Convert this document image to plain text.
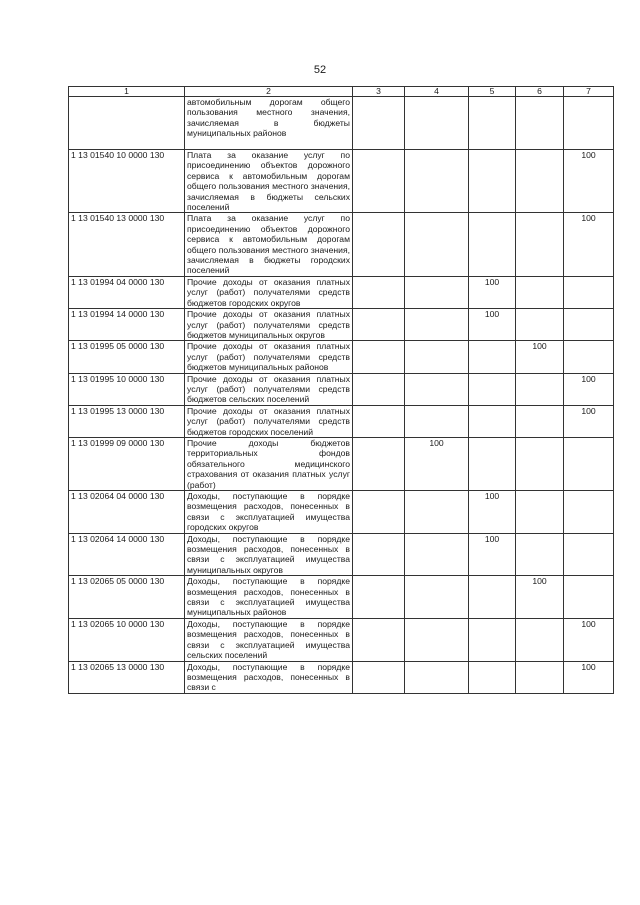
52
1	2	3	4	5	6	7
	автомобильным дорогам общего пользования местного значения, зачисляемая в бюджеты муниципальных районов					
1 13 01540 10 0000 130	Плата за оказание услуг по присоединению объектов дорожного сервиса к автомобильным дорогам общего пользования местного значения, зачисляемая в бюджеты сельских поселений					100
1 13 01540 13 0000 130	Плата за оказание услуг по присоединению объектов дорожного сервиса к автомобильным дорогам общего пользования местного значения, зачисляемая в бюджеты городских поселений					100
1 13 01994 04 0000 130	Прочие доходы от оказания платных услуг (работ) получателями средств бюджетов городских округов			100		
1 13 01994 14 0000 130	Прочие доходы от оказания платных услуг (работ) получателями средств бюджетов муниципальных округов			100		
1 13 01995 05 0000 130	Прочие доходы от оказания платных услуг (работ) получателями средств бюджетов муниципальных районов				100	
1 13 01995 10 0000 130	Прочие доходы от оказания платных услуг (работ) получателями средств бюджетов сельских поселений					100
1 13 01995 13 0000 130	Прочие доходы от оказания платных услуг (работ) получателями средств бюджетов городских поселений					100
1 13 01999 09 0000 130	Прочие доходы бюджетов территориальных фондов обязательного медицинского страхования от оказания платных услуг (работ)		100			
1 13 02064 04 0000 130	Доходы, поступающие в порядке возмещения расходов, понесенных в связи с эксплуатацией имущества городских округов			100		
1 13 02064 14 0000 130	Доходы, поступающие в порядке возмещения расходов, понесенных в связи с эксплуатацией имущества муниципальных округов			100		
1 13 02065 05 0000 130	Доходы, поступающие в порядке возмещения расходов, понесенных в связи с эксплуатацией имущества муниципальных районов				100	
1 13 02065 10 0000 130	Доходы, поступающие в порядке возмещения расходов, понесенных в связи с эксплуатацией имущества сельских поселений					100
1 13 02065 13 0000 130	Доходы, поступающие в порядке возмещения расходов, понесенных в связи с					100
